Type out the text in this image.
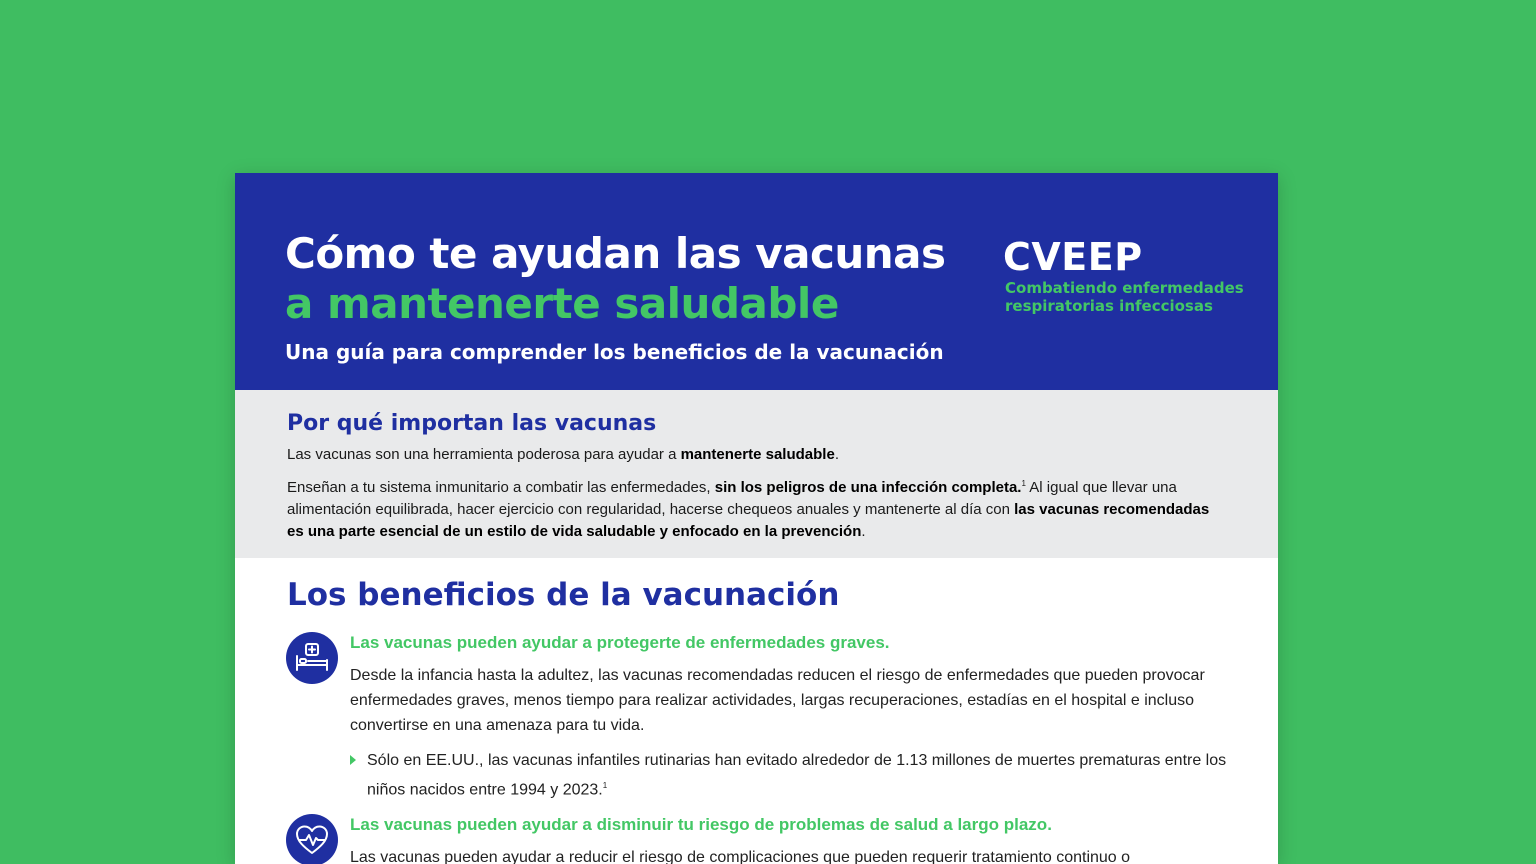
Cómo te ayudan las vacunas
a mantenerte saludable

Una guía para comprender los beneficios de la vacunación

CVEEP
Combatiendo enfermedades respiratorias infecciosas
Por qué importan las vacunas

Las vacunas son una herramienta poderosa para ayudar a mantenerte saludable.

Enseñan a tu sistema inmunitario a combatir las enfermedades, sin los peligros de una infección completa.$^1$ Al igual que llevar una alimentación equilibrada, hacer ejercicio con regularidad, hacerse chequeos anuales y mantenerte al día con las vacunas recomendadas es una parte esencial de un estilo de vida saludable y enfocado en la prevención.

Los beneficios de la vacunación

Las vacunas pueden ayudar a protegerte de enfermedades graves.

Desde la infancia hasta la adultez, las vacunas recomendadas reducen el riesgo de enfermedades que pueden provocar enfermedades graves, menos tiempo para realizar actividades, largas recuperaciones, estadías en el hospital e incluso convertirse en una amenaza para tu vida.

Sólo en EE.UU., las vacunas infantiles rutinarias han evitado alrededor de 1.13 millones de muertes prematuras entre los niños nacidos entre 1994 y 2023.$^1$

Las vacunas pueden ayudar a disminuir tu riesgo de problemas de salud a largo plazo.

Las vacunas pueden ayudar a reducir el riesgo de complicaciones que pueden requerir tratamiento continuo o
